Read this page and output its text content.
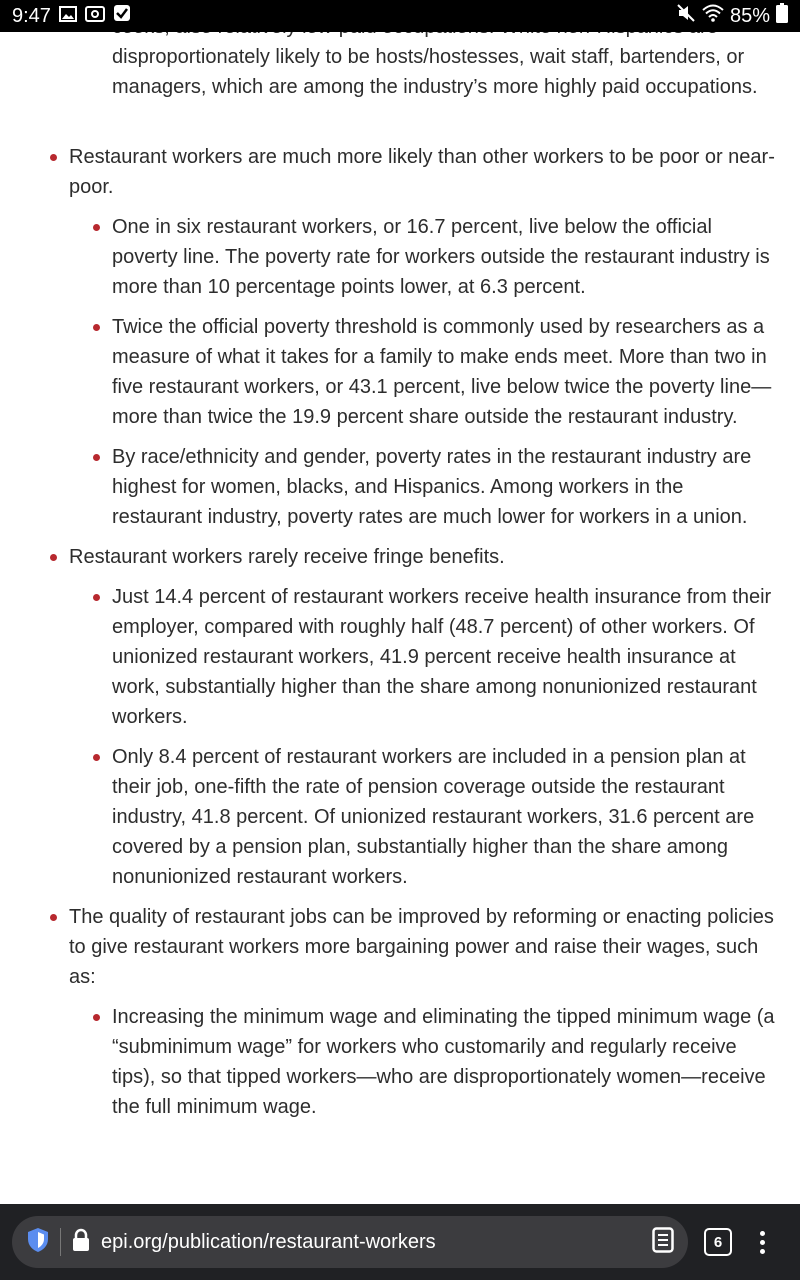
9:47	85%

disproportionately likely to be hosts/hostesses, wait staff, bartenders, or managers, which are among the industry’s more highly paid occupations.

Restaurant workers are much more likely than other workers to be poor or near-poor.

One in six restaurant workers, or 16.7 percent, live below the official poverty line. The poverty rate for workers outside the restaurant industry is more than 10 percentage points lower, at 6.3 percent.

Twice the official poverty threshold is commonly used by researchers as a measure of what it takes for a family to make ends meet. More than two in five restaurant workers, or 43.1 percent, live below twice the poverty line—more than twice the 19.9 percent share outside the restaurant industry.

By race/ethnicity and gender, poverty rates in the restaurant industry are highest for women, blacks, and Hispanics. Among workers in the restaurant industry, poverty rates are much lower for workers in a union.

Restaurant workers rarely receive fringe benefits.

Just 14.4 percent of restaurant workers receive health insurance from their employer, compared with roughly half (48.7 percent) of other workers. Of unionized restaurant workers, 41.9 percent receive health insurance at work, substantially higher than the share among nonunionized restaurant workers.

Only 8.4 percent of restaurant workers are included in a pension plan at their job, one-fifth the rate of pension coverage outside the restaurant industry, 41.8 percent. Of unionized restaurant workers, 31.6 percent are covered by a pension plan, substantially higher than the share among nonunionized restaurant workers.

The quality of restaurant jobs can be improved by reforming or enacting policies to give restaurant workers more bargaining power and raise their wages, such as:

Increasing the minimum wage and eliminating the tipped minimum wage (a “subminimum wage” for workers who customarily and regularly receive tips), so that tipped workers—who are disproportionately women—receive the full minimum wage.

epi.org/publication/restaurant-workers	6
